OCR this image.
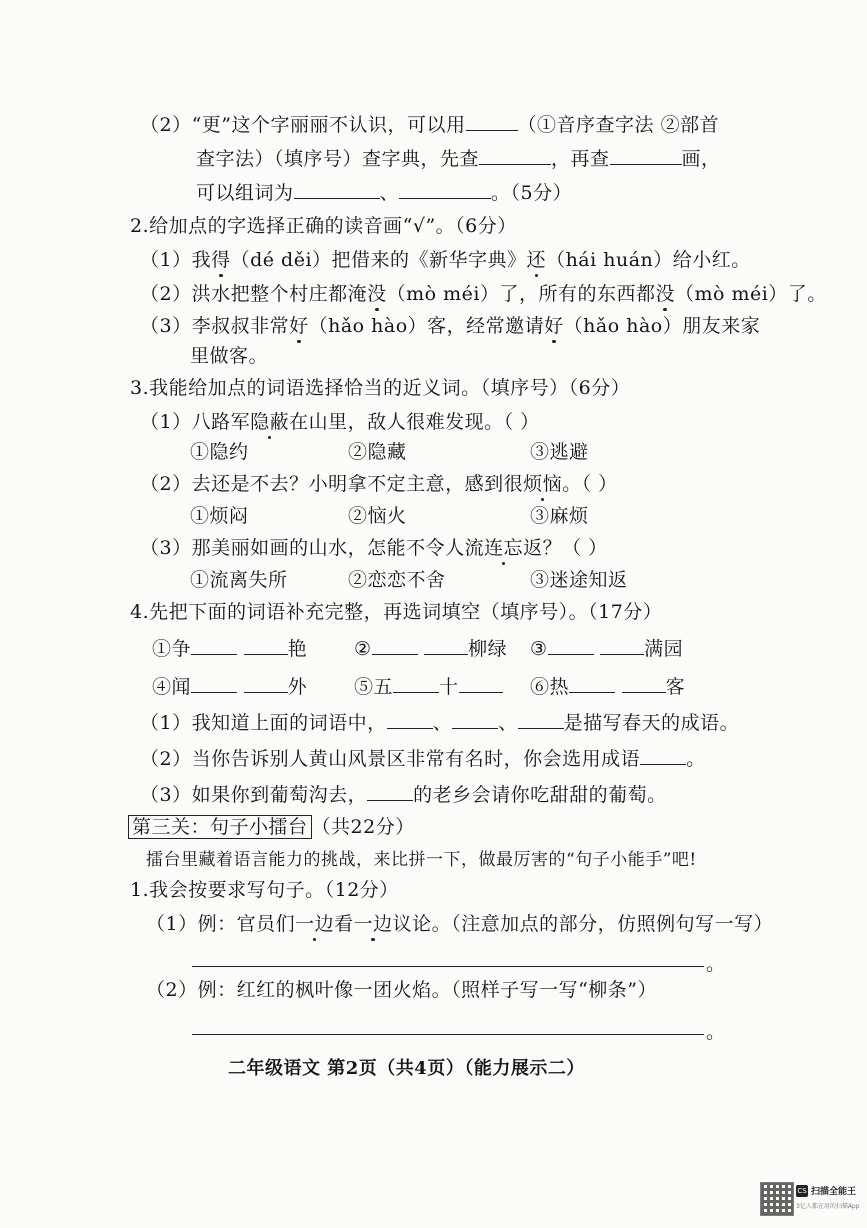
（2）“更”这个字丽丽不认识，可以用	（①音序查字法 ②部首
查字法）（填序号）查字典，先查	，再查	画，
可以组词为	、	。（5分）
2.给加点的字选择正确的读音画“√”。（6分）
（1）我得（dé děi）把借来的《新华字典》还（hái huán）给小红。
（2）洪水把整个村庄都淹没（mò méi）了，所有的东西都没（mò méi）了。
（3）李叔叔非常好（hǎo hào）客，经常邀请好（hǎo hào）朋友来家
里做客。
3.我能给加点的词语选择恰当的近义词。（填序号）（6分）
（1）八路军隐蔽在山里，敌人很难发现。（ ）
①隐约	②隐藏	③逃避
（2）去还是不去？小明拿不定主意，感到很烦恼。（ ）
①烦闷	②恼火	③麻烦
（3）那美丽如画的山水，怎能不令人流连忘返？（ ）
①流离失所	②恋恋不舍	③迷途知返
4.先把下面的词语补充完整，再选词填空（填序号）。（17分）
①争	艳 ②	柳绿 ③	满园
④闻	外 ⑤五 十	⑥热	客
（1）我知道上面的词语中， 、 、 是描写春天的成语。
（2）当你告诉别人黄山风景区非常有名时，你会选用成语 。
（3）如果你到葡萄沟去， 的老乡会请你吃甜甜的葡萄。
第三关：句子小擂台 （共22分）
擂台里藏着语言能力的挑战，来比拼一下，做最厉害的“句子小能手”吧!
1.我会按要求写句子。（12分）
（1）例：官员们一边看一边议论。（注意加点的部分，仿照例句写一写）
。
（2）例：红红的枫叶像一团火焰。（照样子写一写“柳条”）
。
二年级语文 第2页（共4页）（能力展示二）
CS 扫描全能王
3亿人都在用的扫描App
